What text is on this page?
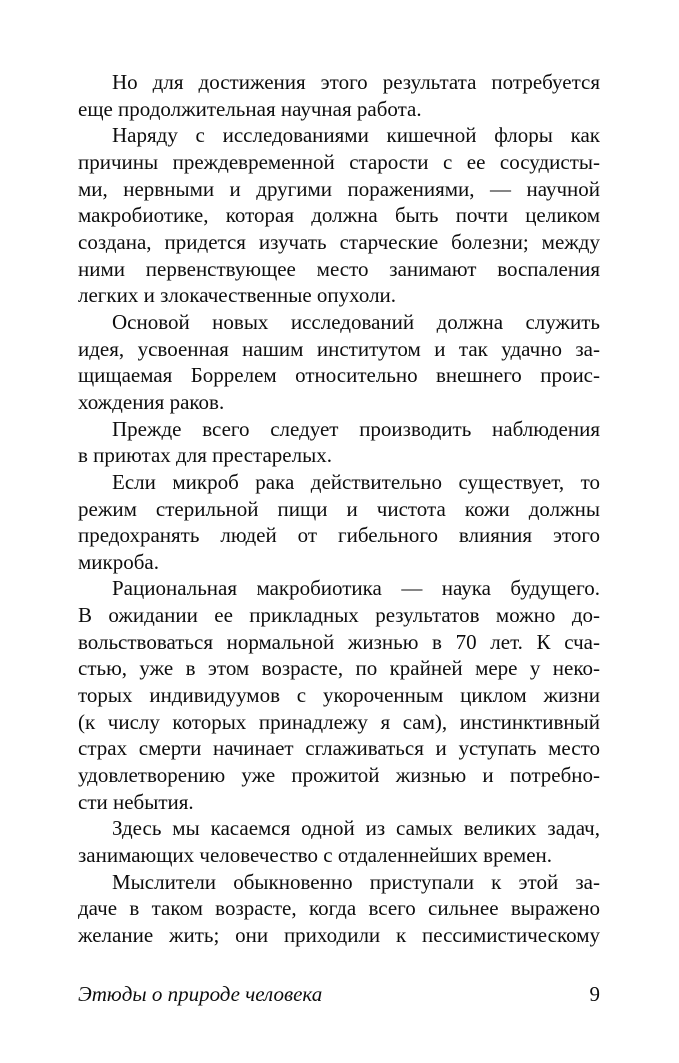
Но для достижения этого результата потребуется
еще продолжительная научная работа.
Наряду с исследованиями кишечной флоры как
причины преждевременной старости с ее сосудисты-
ми, нервными и другими поражениями, — научной
макробиотике, которая должна быть почти целиком
создана, придется изучать старческие болезни; между
ними первенствующее место занимают воспаления
легких и злокачественные опухоли.
Основой новых исследований должна служить
идея, усвоенная нашим институтом и так удачно за-
щищаемая Боррелем относительно внешнего проис-
хождения раков.
Прежде всего следует производить наблюдения
в приютах для престарелых.
Если микроб рака действительно существует, то
режим стерильной пищи и чистота кожи должны
предохранять людей от гибельного влияния этого
микроба.
Рациональная макробиотика — наука будущего.
В ожидании ее прикладных результатов можно до-
вольствоваться нормальной жизнью в 70 лет. К сча-
стью, уже в этом возрасте, по крайней мере у неко-
торых индивидуумов с укороченным циклом жизни
(к числу которых принадлежу я сам), инстинктивный
страх смерти начинает сглаживаться и уступать место
удовлетворению уже прожитой жизнью и потребно-
сти небытия.
Здесь мы касаемся одной из самых великих задач,
занимающих человечество с отдаленнейших времен.
Мыслители обыкновенно приступали к этой за-
даче в таком возрасте, когда всего сильнее выражено
желание жить; они приходили к пессимистическому
Этюды о природе человека	9
